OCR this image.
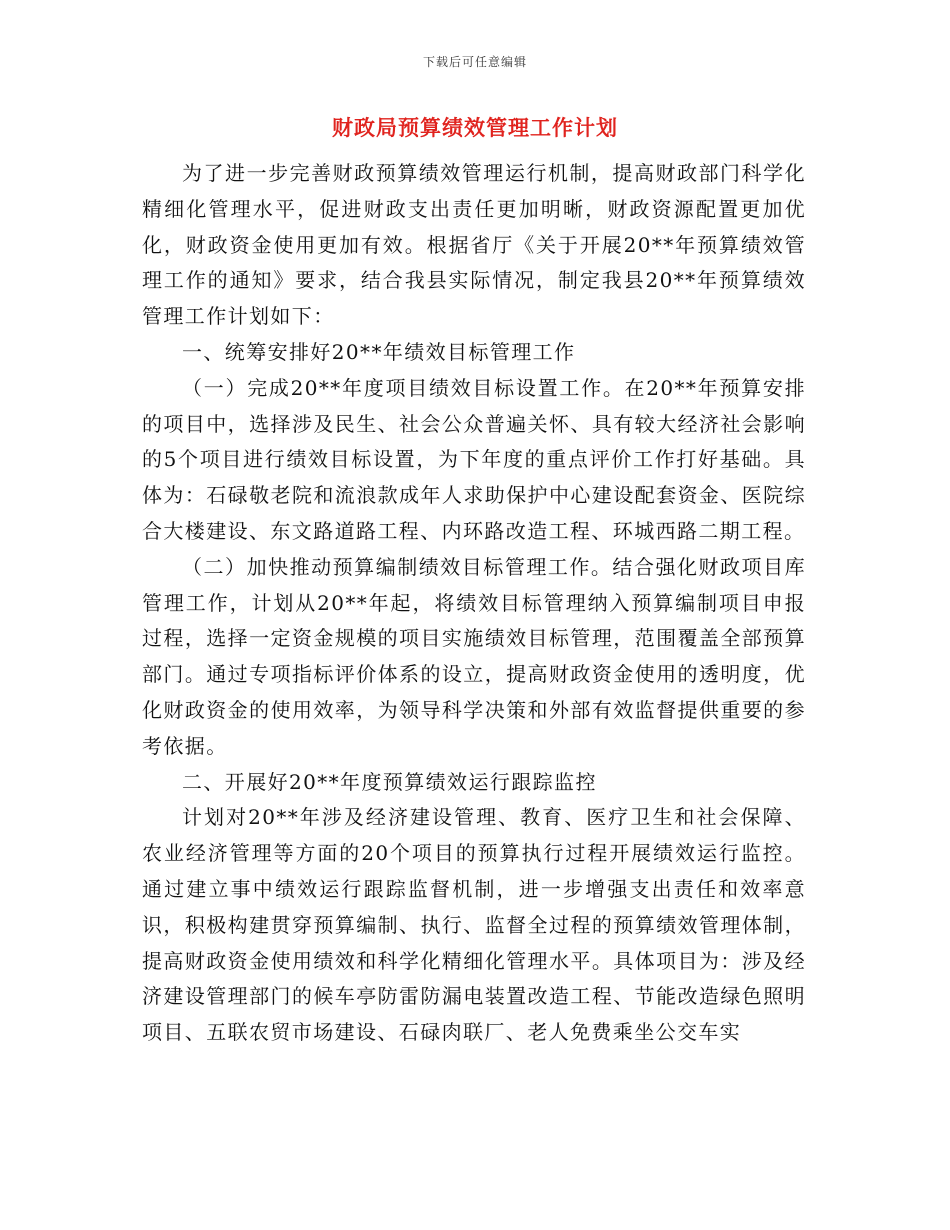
下载后可任意编辑
财政局预算绩效管理工作计划

为了进一步完善财政预算绩效管理运行机制，提高财政部门科学化精细化管理水平，促进财政支出责任更加明晰，财政资源配置更加优化，财政资金使用更加有效。根据省厅《关于开展20**年预算绩效管理工作的通知》要求，结合我县实际情况，制定我县20**年预算绩效管理工作计划如下：

一、统筹安排好20**年绩效目标管理工作

（一）完成20**年度项目绩效目标设置工作。在20**年预算安排的项目中，选择涉及民生、社会公众普遍关怀、具有较大经济社会影响的5个项目进行绩效目标设置，为下年度的重点评价工作打好基础。具体为：石碌敬老院和流浪款成年人求助保护中心建设配套资金、医院综合大楼建设、东文路道路工程、内环路改造工程、环城西路二期工程。

（二）加快推动预算编制绩效目标管理工作。结合强化财政项目库管理工作，计划从20**年起，将绩效目标管理纳入预算编制项目申报过程，选择一定资金规模的项目实施绩效目标管理，范围覆盖全部预算部门。通过专项指标评价体系的设立，提高财政资金使用的透明度，优化财政资金的使用效率，为领导科学决策和外部有效监督提供重要的参考依据。

二、开展好20**年度预算绩效运行跟踪监控

计划对20**年涉及经济建设管理、教育、医疗卫生和社会保障、农业经济管理等方面的20个项目的预算执行过程开展绩效运行监控。通过建立事中绩效运行跟踪监督机制，进一步增强支出责任和效率意识，积极构建贯穿预算编制、执行、监督全过程的预算绩效管理体制，提高财政资金使用绩效和科学化精细化管理水平。具体项目为：涉及经济建设管理部门的候车亭防雷防漏电装置改造工程、节能改造绿色照明项目、五联农贸市场建设、石碌肉联厂、老人免费乘坐公交车实
